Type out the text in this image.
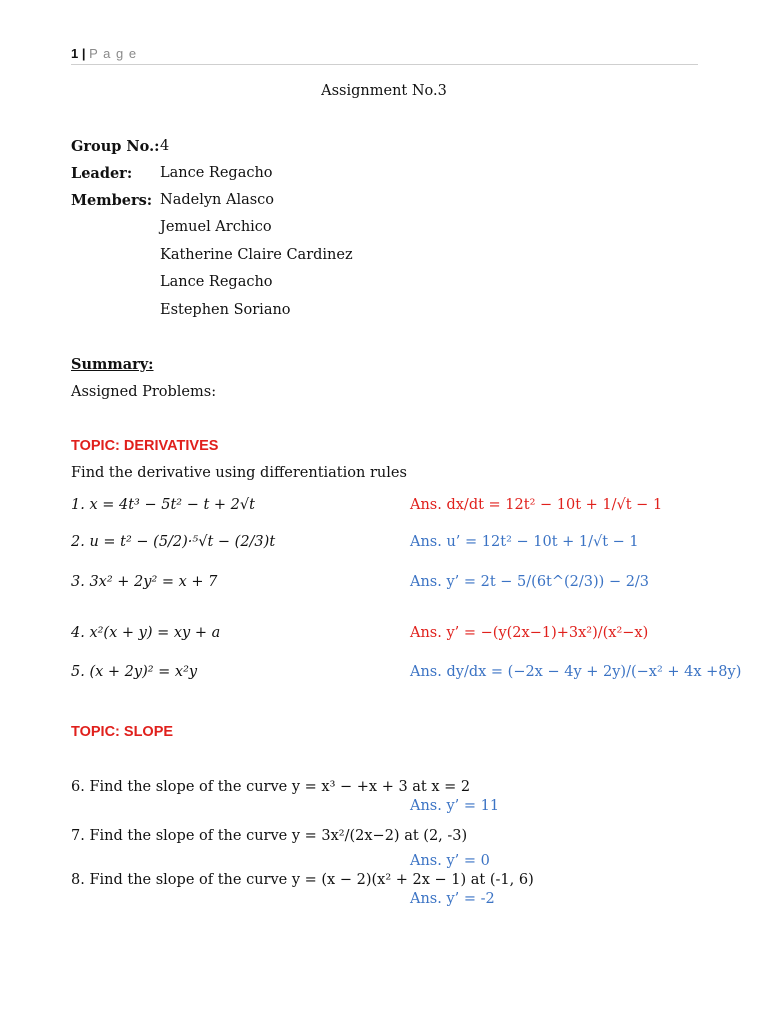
1 | P a g e
Assignment No.3
Group No.: 4
Leader: Lance Regacho
Members: Nadelyn Alasco
Jemuel Archico
Katherine Claire Cardinez
Lance Regacho
Estephen Soriano
Summary:
Assigned Problems:
TOPIC: DERIVATIVES
Find the derivative using differentiation rules
1. x = 4t³ − 5t² − t + 2√t	Ans. dx/dt = 12t² − 10t + 1/√t − 1
2. u = t² − (5/2)·⁵√t − (2/3)t	Ans. u’ = 12t² − 10t + 1/√t − 1
3. 3x² + 2y² = x + 7	Ans. y’ = 2t − 5/(6t^(2/3)) − 2/3
4. x²(x + y) = xy + a	Ans. y’ = −(y(2x−1)+3x²)/(x²−x)
5. (x + 2y)² = x²y	Ans. dy/dx = (−2x − 4y + 2y)/(−x² + 4x +8y)
TOPIC: SLOPE
6. Find the slope of the curve y = x³ − +x + 3 at x = 2
Ans. y’ = 11
7. Find the slope of the curve y = 3x²/(2x−2) at (2, -3)
Ans. y’ = 0
8. Find the slope of the curve y = (x − 2)(x² + 2x − 1) at (-1, 6)
Ans. y’ = -2
